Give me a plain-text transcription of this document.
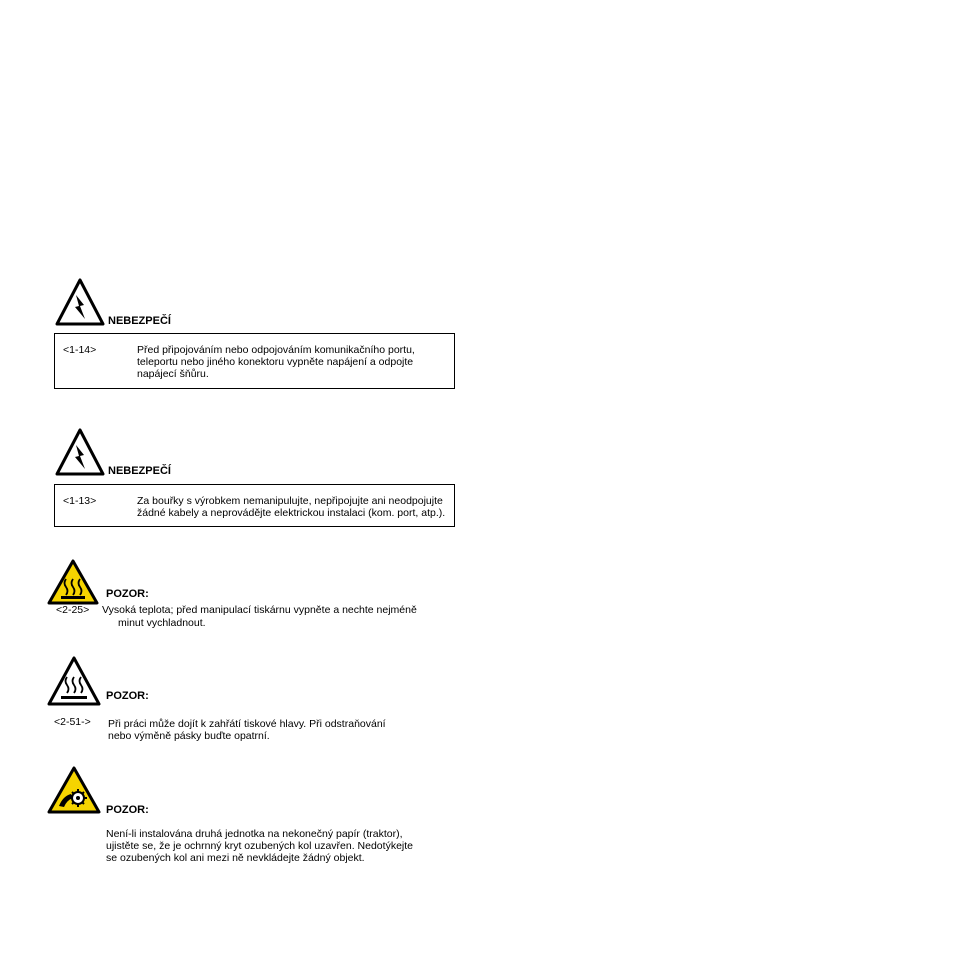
NEBEZPEČÍ
<1-14>	Před připojováním nebo odpojováním komunikačního portu,
teleportu nebo jiného konektoru vypněte napájení a odpojte
napájecí šňůru.
NEBEZPEČÍ
<1-13>	Za bouřky s výrobkem nemanipulujte, nepřipojujte ani neodpojujte
žádné kabely a neprovádějte elektrickou instalaci (kom. port, atp.).
POZOR:
<2-25> Vysoká teplota; před manipulací tiskárnu vypněte a nechte nejméně
minut vychladnout.
POZOR:
<2-51-> Při práci může dojít k zahřátí tiskové hlavy. Při odstraňování
nebo výměně pásky buďte opatrní.
POZOR:
Není-li instalována druhá jednotka na nekonečný papír (traktor),
ujistěte se, že je ochrnný kryt ozubených kol uzavřen. Nedotýkejte
se ozubených kol ani mezi ně nevkládejte žádný objekt.
